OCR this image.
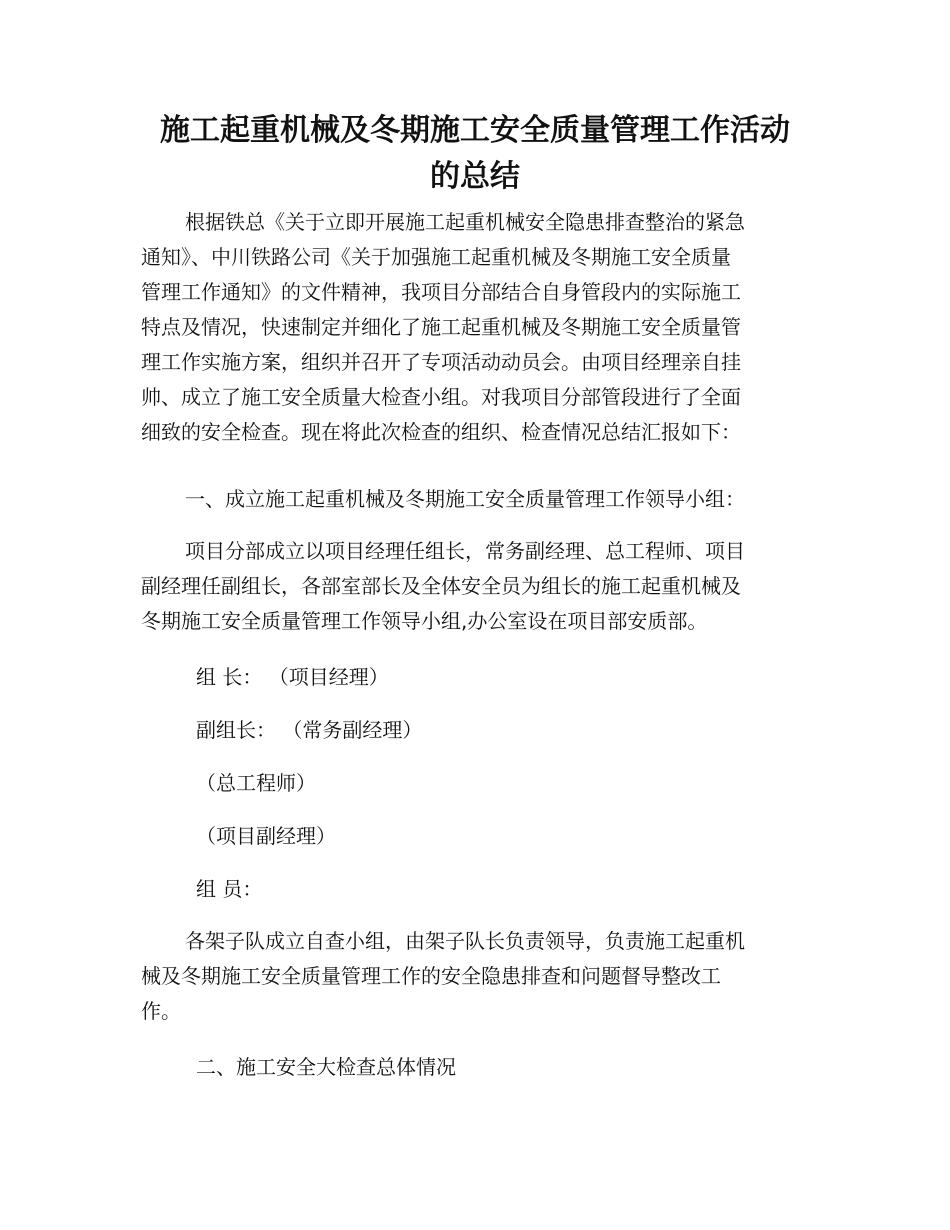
施工起重机械及冬期施工安全质量管理工作活动
的总结
根据铁总《关于立即开展施工起重机械安全隐患排查整治的紧急
通知》、中川铁路公司《关于加强施工起重机械及冬期施工安全质量
管理工作通知》的文件精神，我项目分部结合自身管段内的实际施工
特点及情况，快速制定并细化了施工起重机械及冬期施工安全质量管
理工作实施方案，组织并召开了专项活动动员会。由项目经理亲自挂
帅、成立了施工安全质量大检查小组。对我项目分部管段进行了全面
细致的安全检查。现在将此次检查的组织、检查情况总结汇报如下：
一、成立施工起重机械及冬期施工安全质量管理工作领导小组：
项目分部成立以项目经理任组长，常务副经理、总工程师、项目
副经理任副组长，各部室部长及全体安全员为组长的施工起重机械及
冬期施工安全质量管理工作领导小组,办公室设在项目部安质部。
组 长： （项目经理）
副组长： （常务副经理）
（总工程师）
（项目副经理）
组 员：
各架子队成立自查小组，由架子队长负责领导，负责施工起重机
械及冬期施工安全质量管理工作的安全隐患排查和问题督导整改工
作。
二、施工安全大检查总体情况
